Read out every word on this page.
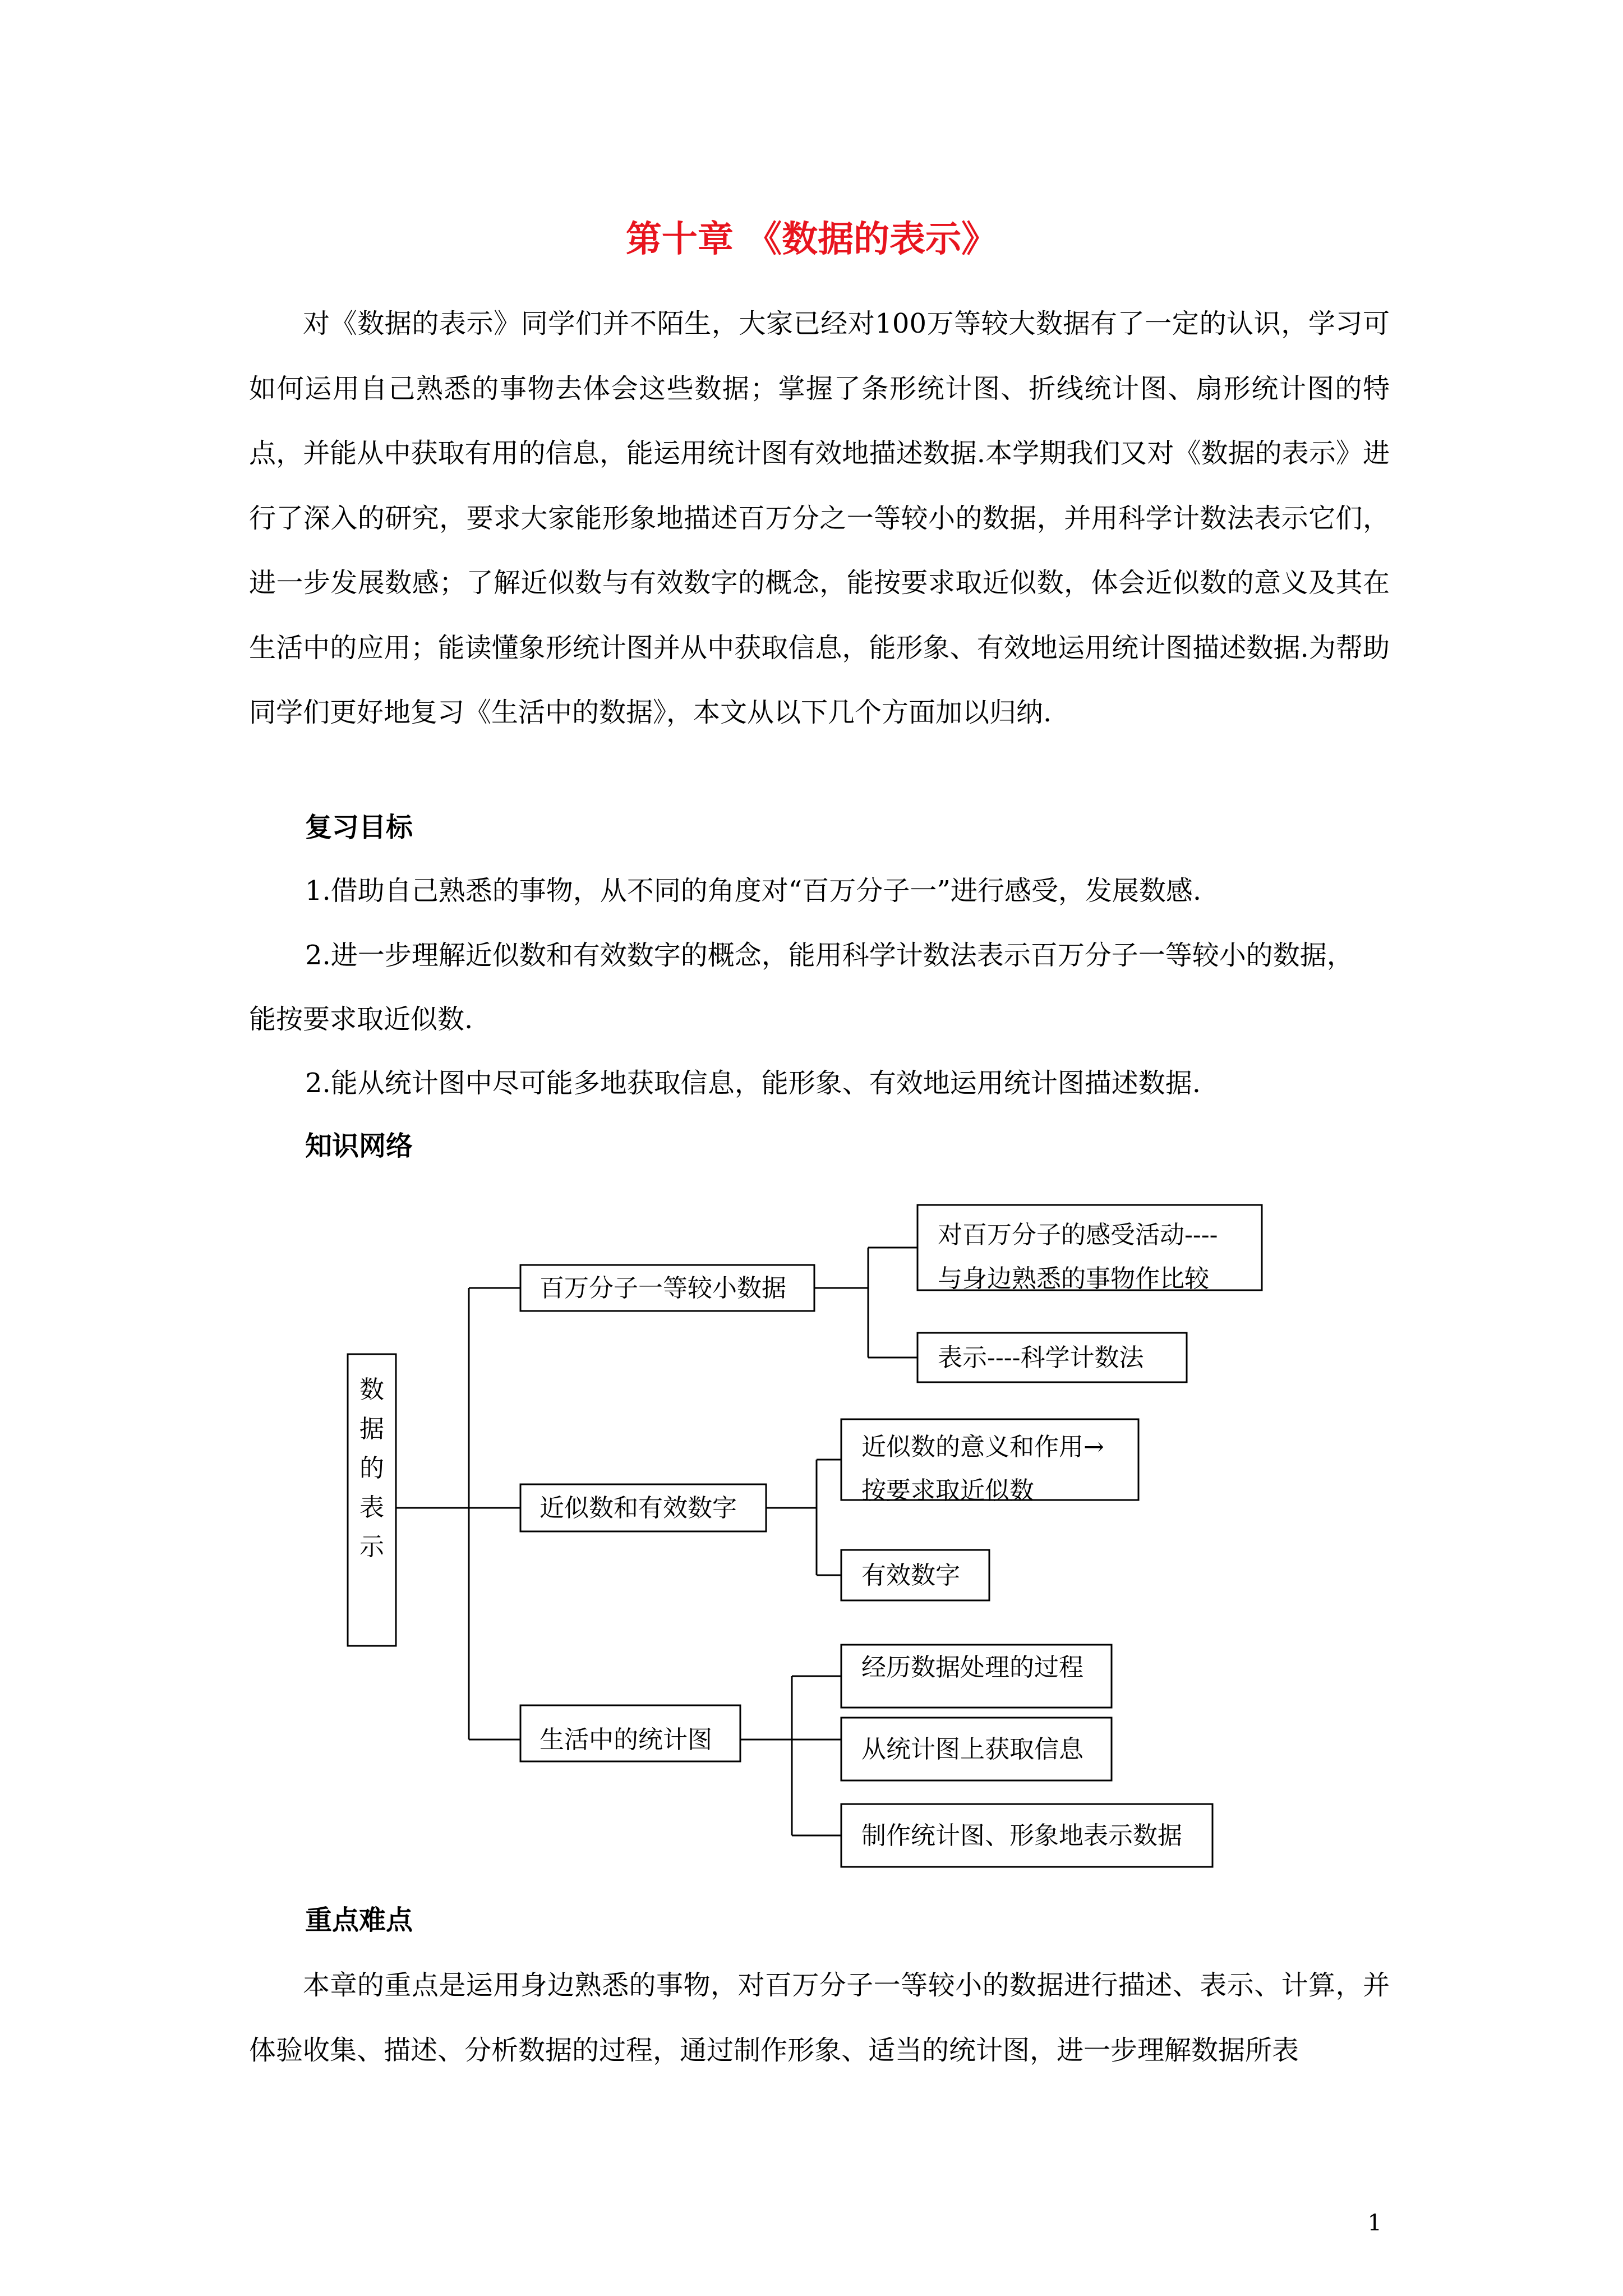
第十章 《数据的表示》
对《数据的表示》同学们并不陌生，大家已经对100万等较大数据有了一定的认识，学习可如何运用自己熟悉的事物去体会这些数据；掌握了条形统计图、折线统计图、扇形统计图的特点，并能从中获取有用的信息，能运用统计图有效地描述数据.本学期我们又对《数据的表示》进行了深入的研究，要求大家能形象地描述百万分之一等较小的数据，并用科学计数法表示它们，进一步发展数感；了解近似数与有效数字的概念，能按要求取近似数，体会近似数的意义及其在生活中的应用；能读懂象形统计图并从中获取信息，能形象、有效地运用统计图描述数据.为帮助同学们更好地复习《生活中的数据》，本文从以下几个方面加以归纳.
复习目标
1.借助自己熟悉的事物，从不同的角度对“百万分子一”进行感受，发展数感.
2.进一步理解近似数和有效数字的概念，能用科学计数法表示百万分子一等较小的数据，
能按要求取近似数.
2.能从统计图中尽可能多地获取信息，能形象、有效地运用统计图描述数据.
知识网络
数
据
的
表
示
百万分子一等较小数据
近似数和有效数字
生活中的统计图
对百万分子的感受活动----
与身边熟悉的事物作比较
表示----科学计数法
近似数的意义和作用→
按要求取近似数
有效数字
经历数据处理的过程
从统计图上获取信息
制作统计图、形象地表示数据
重点难点
本章的重点是运用身边熟悉的事物，对百万分子一等较小的数据进行描述、表示、计算，并体验收集、描述、分析数据的过程，通过制作形象、适当的统计图，进一步理解数据所表
1
